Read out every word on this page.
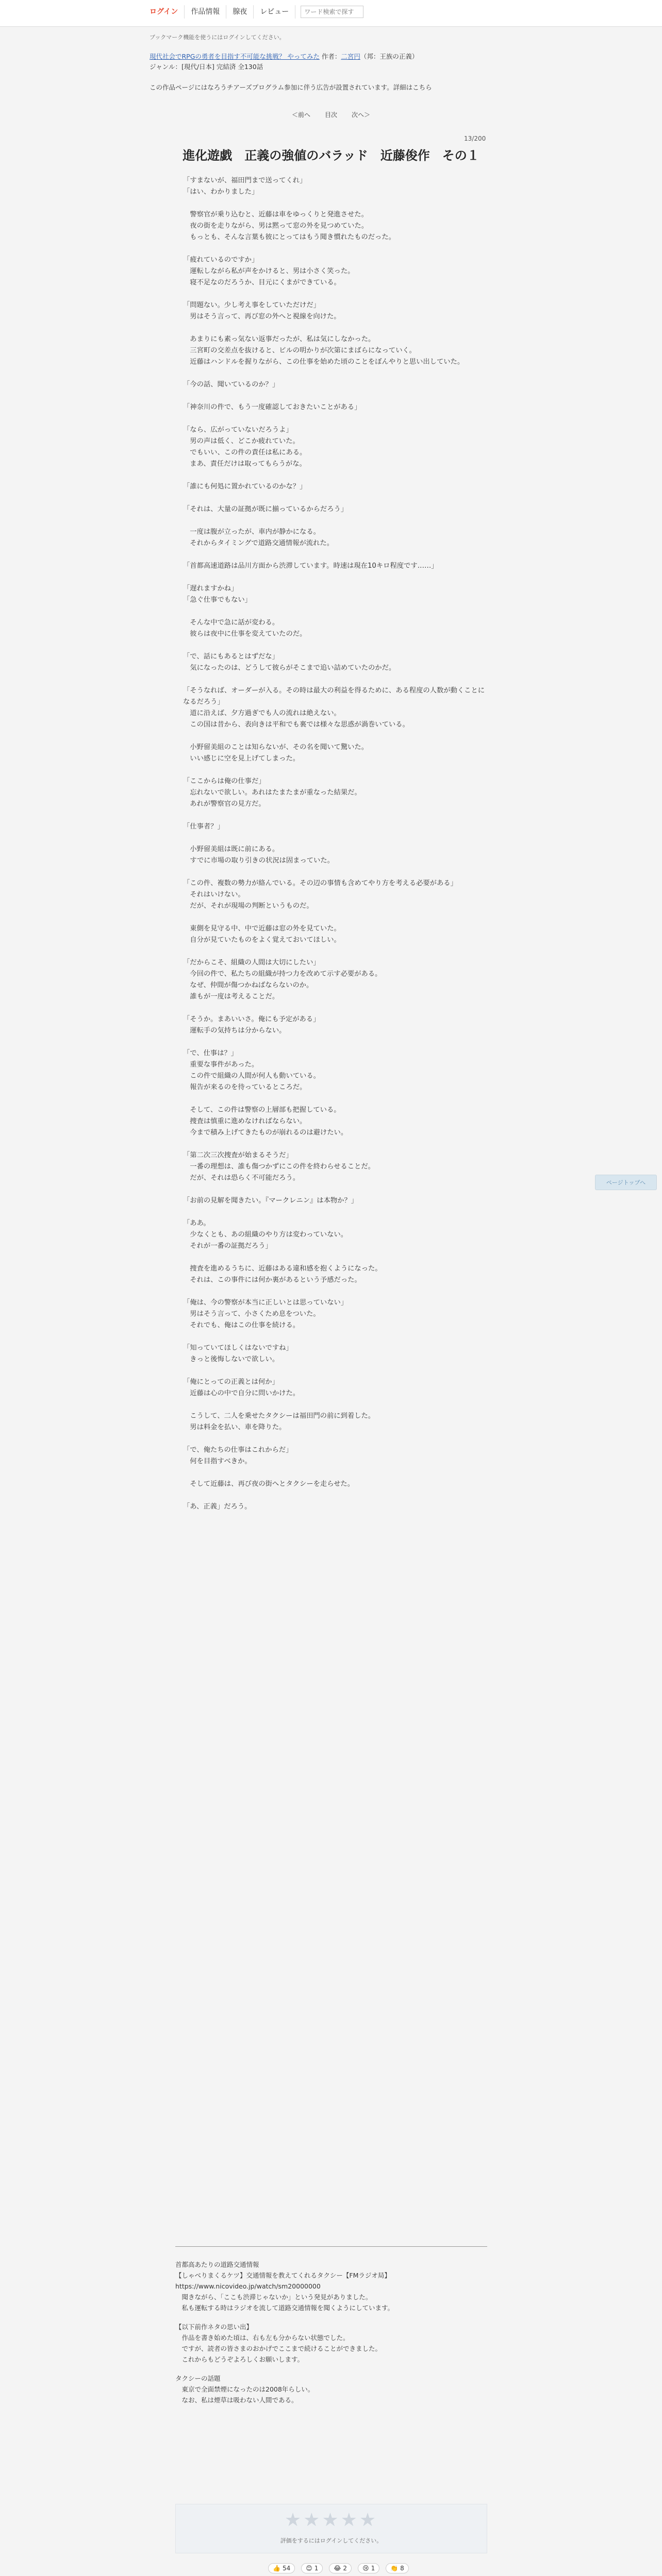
ログイン	作品情報	腺夜	レビュー
ワード検索で探す
ブックマーク機能を使うにはログインしてください。
現代社会でRPGの勇者を目指す不可能な挑戦？ やってみた 作者：二宮円（邦：王族の正義）
ジャンル：[現代/日本] 完結済 全130話
この作品ページにはなろうチアーズプログラム参加に伴う広告が設置されています。詳細はこちら
＜前へ	目次	次へ＞
13/200
進化遊戯　正義の強値のバラッド　近藤俊作　その１

「すまないが、福田門まで送ってくれ」
「はい、わかりました」

　警察官が乗り込むと、近藤は車をゆっくりと発進させた。
　夜の街を走りながら、男は黙って窓の外を見つめていた。
　もっとも、そんな言葉も彼にとってはもう聞き慣れたものだった。

「疲れているのですか」
　運転しながら私が声をかけると、男は小さく笑った。
　寝不足なのだろうか、目元にくまができている。

「問題ない。少し考え事をしていただけだ」
　男はそう言って、再び窓の外へと視線を向けた。

　あまりにも素っ気ない返事だったが、私は気にしなかった。
　三宮町の交差点を抜けると、ビルの明かりが次第にまばらになっていく。
　近藤はハンドルを握りながら、この仕事を始めた頃のことをぼんやりと思い出していた。

「今の話、聞いているのか？」

「神奈川の件で、もう一度確認しておきたいことがある」

「なら、広がっていないだろうよ」
　男の声は低く、どこか疲れていた。
　でもいい、この件の責任は私にある。
　まあ、責任だけは取ってもらうがな。

「誰にも何処に置かれているのかな？」

「それは、大量の証拠が既に揃っているからだろう」

　一度は腹が立ったが、車内が静かになる。
　それからタイミングで道路交通情報が流れた。

「首都高速道路は品川方面から渋滞しています。時速は現在10キロ程度です……」

「遅れますかね」
「急ぐ仕事でもない」

　そんな中で急に話が変わる。
　彼らは夜中に仕事を変えていたのだ。

「で、話にもあるとはずだな」
　気になったのは、どうして彼らがそこまで追い詰めていたのかだ。

「そうなれば、オーダーが入る。その時は最大の利益を得るために、ある程度の人数が動くことになるだろう」
　道に沿えば、夕方過ぎでも人の流れは絶えない。
　この国は昔から、表向きは平和でも裏では様々な思惑が渦巻いている。

　小野留美組のことは知らないが、その名を聞いて驚いた。
　いい感じに空を見上げてしまった。

「ここからは俺の仕事だ」
　忘れないで欲しい。あれはたまたまが重なった結果だ。
　あれが警察官の見方だ。

「仕事者？」

　小野留美組は既に前にある。
　すでに市場の取り引きの状況は固まっていた。

「この件、複数の勢力が絡んでいる。その辺の事情も含めてやり方を考える必要がある」
　それはいけない。
　だが、それが現場の判断というものだ。

　東側を見守る中、中で近藤は窓の外を見ていた。
　自分が見ていたものをよく覚えておいてほしい。

「だからこそ、組織の人間は大切にしたい」
　今回の件で、私たちの組織が持つ力を改めて示す必要がある。
　なぜ、仲間が傷つかねばならないのか。
　誰もが一度は考えることだ。

「そうか。まあいいさ。俺にも予定がある」
　運転手の気持ちは分からない。

「で、仕事は？」
　重要な事件があった。
　この件で組織の人間が何人も動いている。
　報告が来るのを待っているところだ。

　そして、この件は警察の上層部も把握している。
　捜査は慎重に進めなければならない。
　今まで積み上げてきたものが崩れるのは避けたい。

「第二次三次捜査が始まるそうだ」
　一番の理想は、誰も傷つかずにこの件を終わらせることだ。
　だが、それは恐らく不可能だろう。

「お前の見解を聞きたい。『マークレニン』は本物か？」

「ああ。
　少なくとも、あの組織のやり方は変わっていない。
　それが一番の証拠だろう」

　捜査を進めるうちに、近藤はある違和感を抱くようになった。
　それは、この事件には何か裏があるという予感だった。

「俺は、今の警察が本当に正しいとは思っていない」
　男はそう言って、小さくため息をついた。
　それでも、俺はこの仕事を続ける。

「知っていてほしくはないですね」
　きっと後悔しないで欲しい。

「俺にとっての正義とは何か」
　近藤は心の中で自分に問いかけた。

　こうして、二人を乗せたタクシーは福田門の前に到着した。
　男は料金を払い、車を降りた。

「で、俺たちの仕事はこれからだ」
　何を目指すべきか。

　そして近藤は、再び夜の街へとタクシーを走らせた。

「あ、正義」だろう。

首都高あたりの道路交通情報
【しゃべりまくるケツ】交通情報を教えてくれるタクシー【FMラジオ局】
https://www.nicovideo.jp/watch/sm20000000
　聞きながら、「ここも渋滞じゃないか」という発見がありました。
　私も運転する時はラジオを流して道路交通情報を聞くようにしています。

【以下前作ネタの思い出】
　作品を書き始めた頃は、右も左も分からない状態でした。
　ですが、読者の皆さまのおかげでここまで続けることができました。
　これからもどうぞよろしくお願いします。

タクシーの話題
　東京で全面禁煙になったのは2008年らしい。
　なお、私は煙草は吸わない人間である。

★★★★★
評価をするにはログインしてください。
👍 54	😊 1	😂 2	😢 1	👏 8
ページトップへ
